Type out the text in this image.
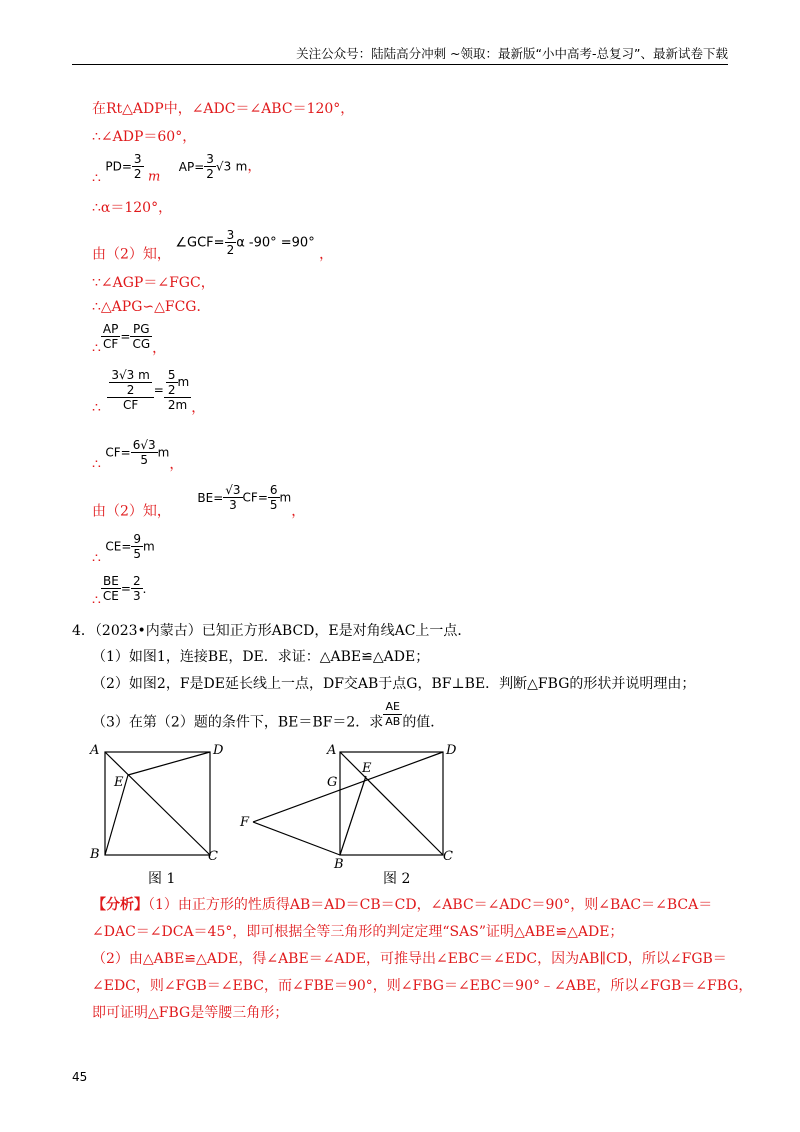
关注公众号：陆陆高分冲刺 ~领取：最新版“小中高考-总复习”、最新试卷下载
在Rt△ADP中，∠ADC＝∠ABC＝120°，
∴∠ADP＝60°，
∴ $PD= \frac{3}{2}$ m $AP= \frac{3}{2} √3$ m，
∴α＝120°，
由（2）知， ∠GCF= $\frac{3}{2}$ α -90° =90° ，
∵∠AGP＝∠FGC，
∴△APG∽△FCG．
∴ $\frac{AP}{CF} = \frac{PG}{CG}$ ，
∴ $\frac{\frac{3√3 m}{2}}{CF} = \frac{\frac{5}{2} m}{2m}$ ，
∴ $CF= \frac{6√3}{5}$ m，
由（2）知， $BE= \frac{√3}{3} CF= \frac{6}{5}$ m，
∴ $CE= \frac{9}{5}$ m
∴ $\frac{BE}{CE} = \frac{2}{3}$ ．
4．（2023•内蒙古）已知正方形ABCD，E是对角线AC上一点．
（1）如图1，连接BE，DE．求证：△ABE≌△ADE；
（2）如图2，F是DE延长线上一点，DF交AB于点G，BF⊥BE．判断△FBG的形状并说明理由；
（3）在第（2）题的条件下，BE＝BF＝2．求 $\frac{AE}{AB}$ 的值．
A	D
E
B	C
图 1
A	D
E
G
F
B
C
图 2
【分析】（1）由正方形的性质得AB＝AD＝CB＝CD，∠ABC＝∠ADC＝90°，则∠BAC＝∠BCA＝
∠DAC＝∠DCA＝45°，即可根据全等三角形的判定定理“SAS”证明△ABE≌△ADE；
（2）由△ABE≌△ADE，得∠ABE＝∠ADE，可推导出∠EBC＝∠EDC，因为AB∥CD，所以∠FGB＝
∠EDC，则∠FGB＝∠EBC，而∠FBE＝90°，则∠FBG＝∠EBC＝90°﹣∠ABE，所以∠FGB＝∠FBG，
即可证明△FBG是等腰三角形；
45
